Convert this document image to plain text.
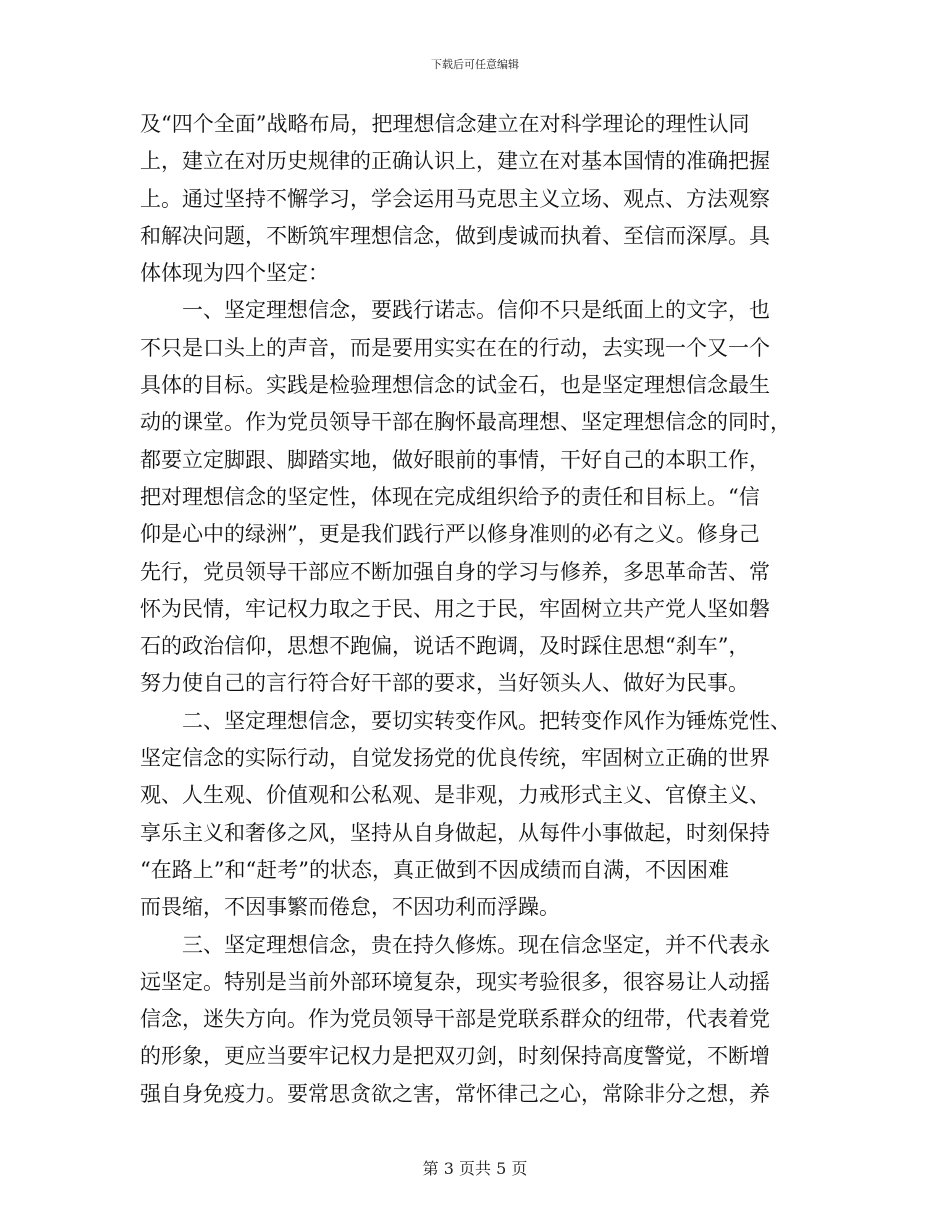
下载后可任意编辑
及“四个全面”战略布局，把理想信念建立在对科学理论的理性认同
上，建立在对历史规律的正确认识上，建立在对基本国情的准确把握
上。通过坚持不懈学习，学会运用马克思主义立场、观点、方法观察
和解决问题，不断筑牢理想信念，做到虔诚而执着、至信而深厚。具
体体现为四个坚定：
　　一、坚定理想信念，要践行诺志。信仰不只是纸面上的文字，也
不只是口头上的声音，而是要用实实在在的行动，去实现一个又一个
具体的目标。实践是检验理想信念的试金石，也是坚定理想信念最生
动的课堂。作为党员领导干部在胸怀最高理想、坚定理想信念的同时，
都要立定脚跟、脚踏实地，做好眼前的事情，干好自己的本职工作，
把对理想信念的坚定性，体现在完成组织给予的责任和目标上。“信
仰是心中的绿洲”，更是我们践行严以修身准则的必有之义。修身己
先行，党员领导干部应不断加强自身的学习与修养，多思革命苦、常
怀为民情，牢记权力取之于民、用之于民，牢固树立共产党人坚如磐
石的政治信仰，思想不跑偏，说话不跑调，及时踩住思想“刹车”，
努力使自己的言行符合好干部的要求，当好领头人、做好为民事。
　　二、坚定理想信念，要切实转变作风。把转变作风作为锤炼党性、
坚定信念的实际行动，自觉发扬党的优良传统，牢固树立正确的世界
观、人生观、价值观和公私观、是非观，力戒形式主义、官僚主义、
享乐主义和奢侈之风，坚持从自身做起，从每件小事做起，时刻保持
“在路上”和“赶考”的状态，真正做到不因成绩而自满，不因困难
而畏缩，不因事繁而倦怠，不因功利而浮躁。
　　三、坚定理想信念，贵在持久修炼。现在信念坚定，并不代表永
远坚定。特别是当前外部环境复杂，现实考验很多，很容易让人动摇
信念，迷失方向。作为党员领导干部是党联系群众的纽带，代表着党
的形象，更应当要牢记权力是把双刃剑，时刻保持高度警觉，不断增
强自身免疫力。要常思贪欲之害，常怀律己之心，常除非分之想，养
第 3 页共 5 页
